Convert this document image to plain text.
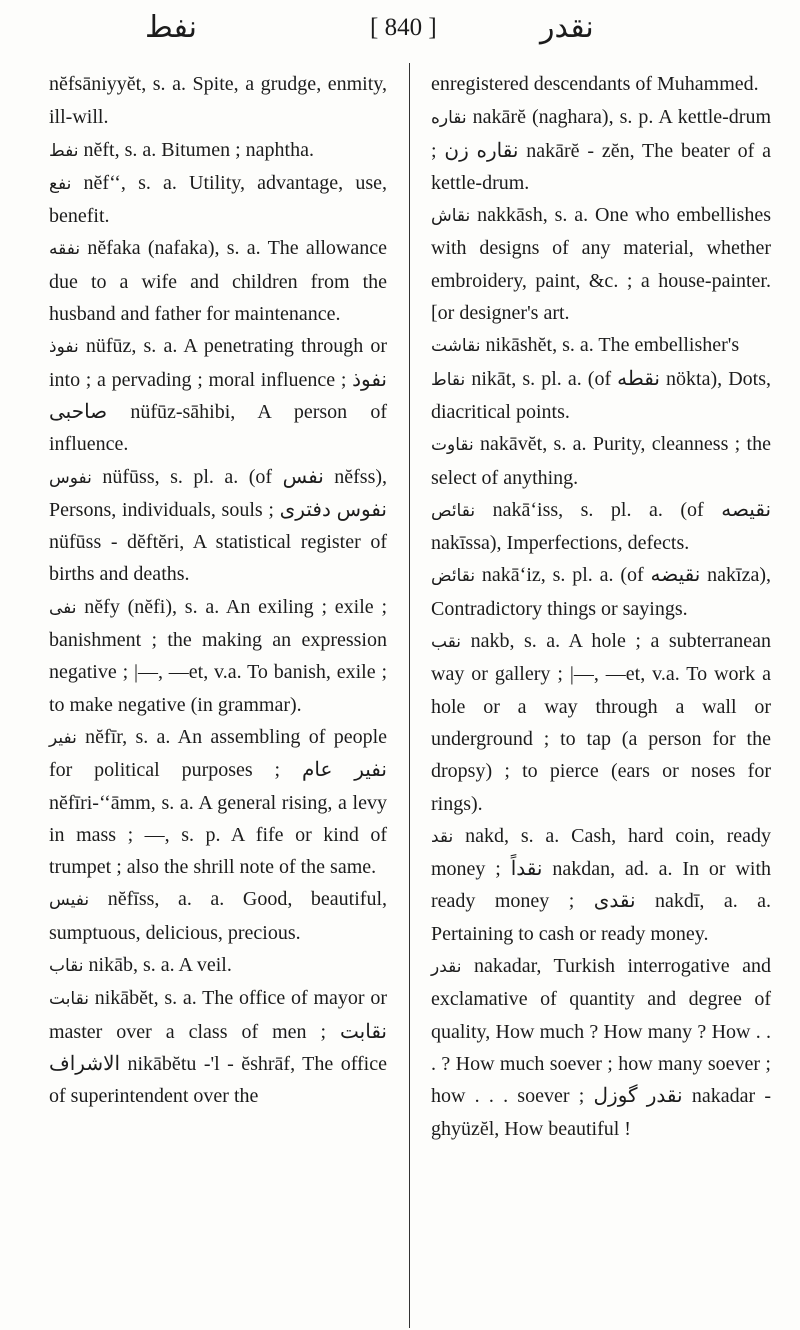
نفط	[ 840 ]	نقدر

nĕfsāniyyĕt, s. a. Spite, a grudge, enmity, ill-will.

نفط nĕft, s. a. Bitumen ; naphtha.

نفع nĕf‘‘, s. a. Utility, advantage, use, benefit.

نفقه nĕfaka (nafaka), s. a. The allowance due to a wife and children from the husband and father for maintenance.

نفوذ nüfūz, s. a. A penetrating through or into ; a pervading ; moral influence ; نفوذ صاحبی nüfūz-sāhibi, A person of influence.

نفوس nüfūss, s. pl. a. (of نفس nĕfss), Persons, individuals, souls ; نفوس دفتری nüfūss - dĕftĕri, A statistical register of births and deaths.

نفی nĕfy (nĕfi), s. a. An exiling ; exile ; banishment ; the making an expression negative ; |—, —et, v.a. To banish, exile ; to make negative (in grammar).

نفیر nĕfīr, s. a. An assembling of people for political purposes ; نفیر عام nĕfīri-‘‘āmm, s. a. A general rising, a levy in mass ; —, s. p. A fife or kind of trumpet ; also the shrill note of the same.

نفیس nĕfīss, a. a. Good, beautiful, sumptuous, delicious, precious.

نقاب nikāb, s. a. A veil.

نقابت nikābĕt, s. a. The office of mayor or master over a class of men ; نقابت الاشراف nikābĕtu -'l - ĕshrāf, The office of superintendent over the

enregistered descendants of Muhammed.

نقاره nakārĕ (naghara), s. p. A kettle-drum ; نقاره زن nakārĕ - zĕn, The beater of a kettle-drum.

نقاش nakkāsh, s. a. One who embellishes with designs of any material, whether embroidery, paint, &c. ; a house-painter. [or designer's art.

نقاشت nikāshĕt, s. a. The embellisher's

نقاط nikāt, s. pl. a. (of نقطه nökta), Dots, diacritical points.

نقاوت nakāvĕt, s. a. Purity, cleanness ; the select of anything.

نقائص nakā‘iss, s. pl. a. (of نقیصه nakīssa), Imperfections, defects.

نقائض nakā‘iz, s. pl. a. (of نقیضه nakīza), Contradictory things or sayings.

نقب nakb, s. a. A hole ; a subterranean way or gallery ; |—, —et, v.a. To work a hole or a way through a wall or underground ; to tap (a person for the dropsy) ; to pierce (ears or noses for rings).

نقد nakd, s. a. Cash, hard coin, ready money ; نقداً nakdan, ad. a. In or with ready money ; نقدی nakdī, a. a. Pertaining to cash or ready money.

نقدر nakadar, Turkish interrogative and exclamative of quantity and degree of quality, How much ? How many ? How . . . ? How much soever ; how many soever ; how . . . soever ; نقدر گوزل nakadar - ghyüzĕl, How beautiful !
